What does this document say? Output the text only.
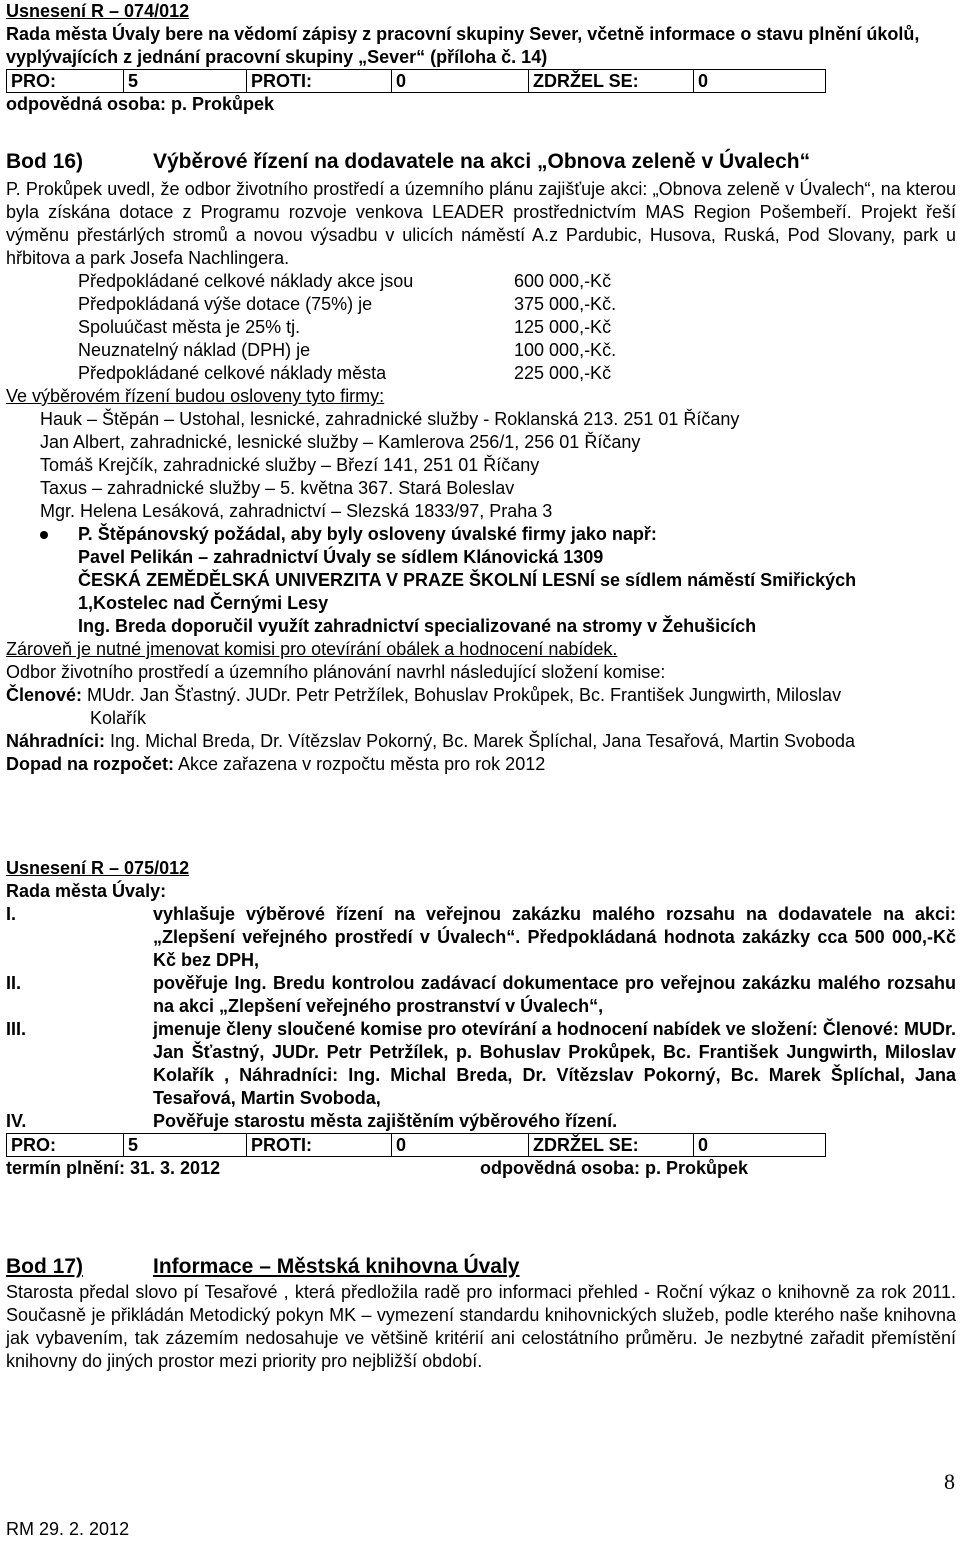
Usnesení R – 074/012
Rada města Úvaly bere na vědomí zápisy z pracovní skupiny Sever, včetně informace o stavu plnění úkolů, vyplývajících z jednání pracovní skupiny „Sever“ (příloha č. 14)
PRO:	5	PROTI:	0	ZDRŽEL SE:	0
odpovědná osoba: p. Prokůpek
Bod 16)	Výběrové řízení na dodavatele na akci „Obnova zeleně v Úvalech“
P. Prokůpek uvedl, že odbor životního prostředí a územního plánu zajišťuje akci: „Obnova zeleně v Úvalech“, na kterou byla získána dotace z Programu rozvoje venkova LEADER prostřednictvím MAS Region Pošembeří. Projekt řeší výměnu přestárlých stromů a novou výsadbu v ulicích náměstí A.z Pardubic, Husova, Ruská, Pod Slovany, park u hřbitova a park Josefa Nachlingera.
Předpokládané celkové náklady akce jsou	600 000,-Kč
Předpokládaná výše dotace (75%) je	375 000,-Kč.
Spoluúčast města je 25% tj.	125 000,-Kč
Neuznatelný náklad (DPH) je	100 000,-Kč.
Předpokládané celkové náklady města	225 000,-Kč
Ve výběrovém řízení budou osloveny tyto firmy:
Hauk – Štěpán – Ustohal, lesnické, zahradnické služby - Roklanská 213. 251 01 Říčany
Jan Albert, zahradnické, lesnické služby – Kamlerova 256/1, 256 01 Říčany
Tomáš Krejčík, zahradnické služby – Březí 141, 251 01 Říčany
Taxus – zahradnické služby – 5. května 367. Stará Boleslav
Mgr. Helena Lesáková, zahradnictví – Slezská 1833/97, Praha 3
P. Štěpánovský požádal, aby byly osloveny úvalské firmy jako např:
Pavel Pelikán – zahradnictví Úvaly se sídlem Klánovická 1309
ČESKÁ ZEMĚDĚLSKÁ UNIVERZITA V PRAZE ŠKOLNÍ LESNÍ se sídlem náměstí Smiřických 1,Kostelec nad Černými Lesy
Ing. Breda doporučil využít zahradnictví specializované na stromy v Žehušicích
Zároveň je nutné jmenovat komisi pro otevírání obálek a hodnocení nabídek.
Odbor životního prostředí a územního plánování navrhl následující složení komise:
Členové: MUdr. Jan Šťastný. JUDr. Petr Petržílek, Bohuslav Prokůpek, Bc. František Jungwirth, Miloslav Kolařík
Náhradníci: Ing. Michal Breda, Dr. Vítězslav Pokorný, Bc. Marek Šplíchal, Jana Tesařová, Martin Svoboda
Dopad na rozpočet: Akce zařazena v rozpočtu města pro rok 2012
Usnesení R – 075/012
Rada města Úvaly:
I.	vyhlašuje výběrové řízení na veřejnou zakázku malého rozsahu na dodavatele na akci: „Zlepšení veřejného prostředí v Úvalech“. Předpokládaná hodnota zakázky cca 500 000,-Kč Kč bez DPH,
II.	pověřuje Ing. Bredu kontrolou zadávací dokumentace pro veřejnou zakázku malého rozsahu na akci „Zlepšení veřejného prostranství v Úvalech“,
III.	jmenuje členy sloučené komise pro otevírání a hodnocení nabídek ve složení: Členové: MUDr. Jan Šťastný, JUDr. Petr Petržílek, p. Bohuslav Prokůpek, Bc. František Jungwirth, Miloslav Kolařík , Náhradníci: Ing. Michal Breda, Dr. Vítězslav Pokorný, Bc. Marek Šplíchal, Jana Tesařová, Martin Svoboda,
IV.	Pověřuje starostu města zajištěním výběrového řízení.
PRO:	5	PROTI:	0	ZDRŽEL SE:	0
termín plnění: 31. 3. 2012	odpovědná osoba: p. Prokůpek
Bod 17)	Informace – Městská knihovna Úvaly
Starosta předal slovo pí Tesařové , která předložila radě pro informaci přehled - Roční výkaz o knihovně za rok 2011. Současně je přikládán Metodický pokyn MK – vymezení standardu knihovnických služeb, podle kterého naše knihovna jak vybavením, tak zázemím nedosahuje ve většině kritérií ani celostátního průměru. Je nezbytné zařadit přemístění knihovny do jiných prostor mezi priority pro nejbližší období.
8
RM 29. 2. 2012
